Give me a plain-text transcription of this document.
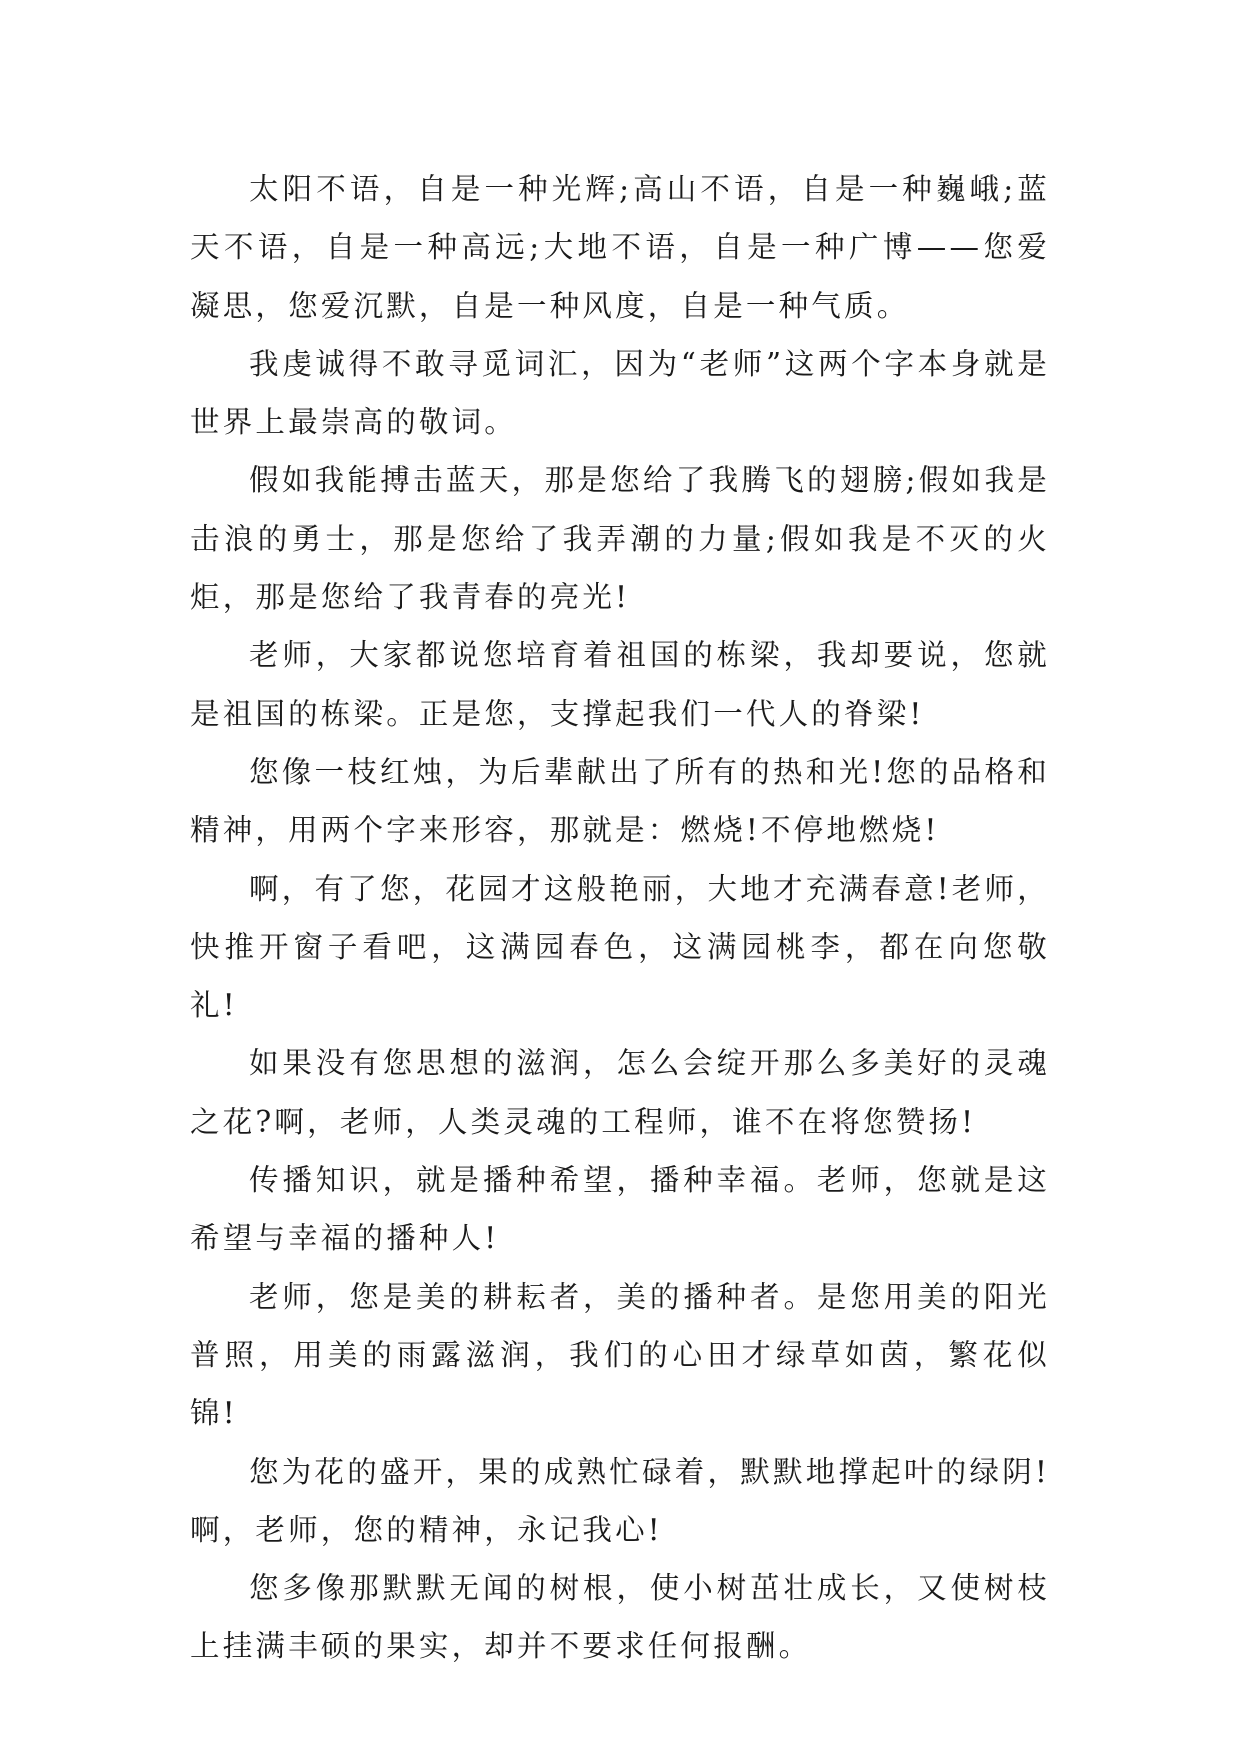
太阳不语，自是一种光辉;高山不语，自是一种巍峨;蓝天不语，自是一种高远;大地不语，自是一种广博——您爱凝思，您爱沉默，自是一种风度，自是一种气质。

我虔诚得不敢寻觅词汇，因为“老师”这两个字本身就是世界上最崇高的敬词。

假如我能搏击蓝天，那是您给了我腾飞的翅膀;假如我是击浪的勇士，那是您给了我弄潮的力量;假如我是不灭的火炬，那是您给了我青春的亮光!

老师，大家都说您培育着祖国的栋梁，我却要说，您就是祖国的栋梁。正是您，支撑起我们一代人的脊梁!

您像一枝红烛，为后辈献出了所有的热和光!您的品格和精神，用两个字来形容，那就是：燃烧!不停地燃烧!

啊，有了您，花园才这般艳丽，大地才充满春意!老师，快推开窗子看吧，这满园春色，这满园桃李，都在向您敬礼!

如果没有您思想的滋润，怎么会绽开那么多美好的灵魂之花?啊，老师，人类灵魂的工程师，谁不在将您赞扬!

传播知识，就是播种希望，播种幸福。老师，您就是这希望与幸福的播种人!

老师，您是美的耕耘者，美的播种者。是您用美的阳光普照，用美的雨露滋润，我们的心田才绿草如茵，繁花似锦!

您为花的盛开，果的成熟忙碌着，默默地撑起叶的绿阴!啊，老师，您的精神，永记我心!

您多像那默默无闻的树根，使小树茁壮成长，又使树枝上挂满丰硕的果实，却并不要求任何报酬。
